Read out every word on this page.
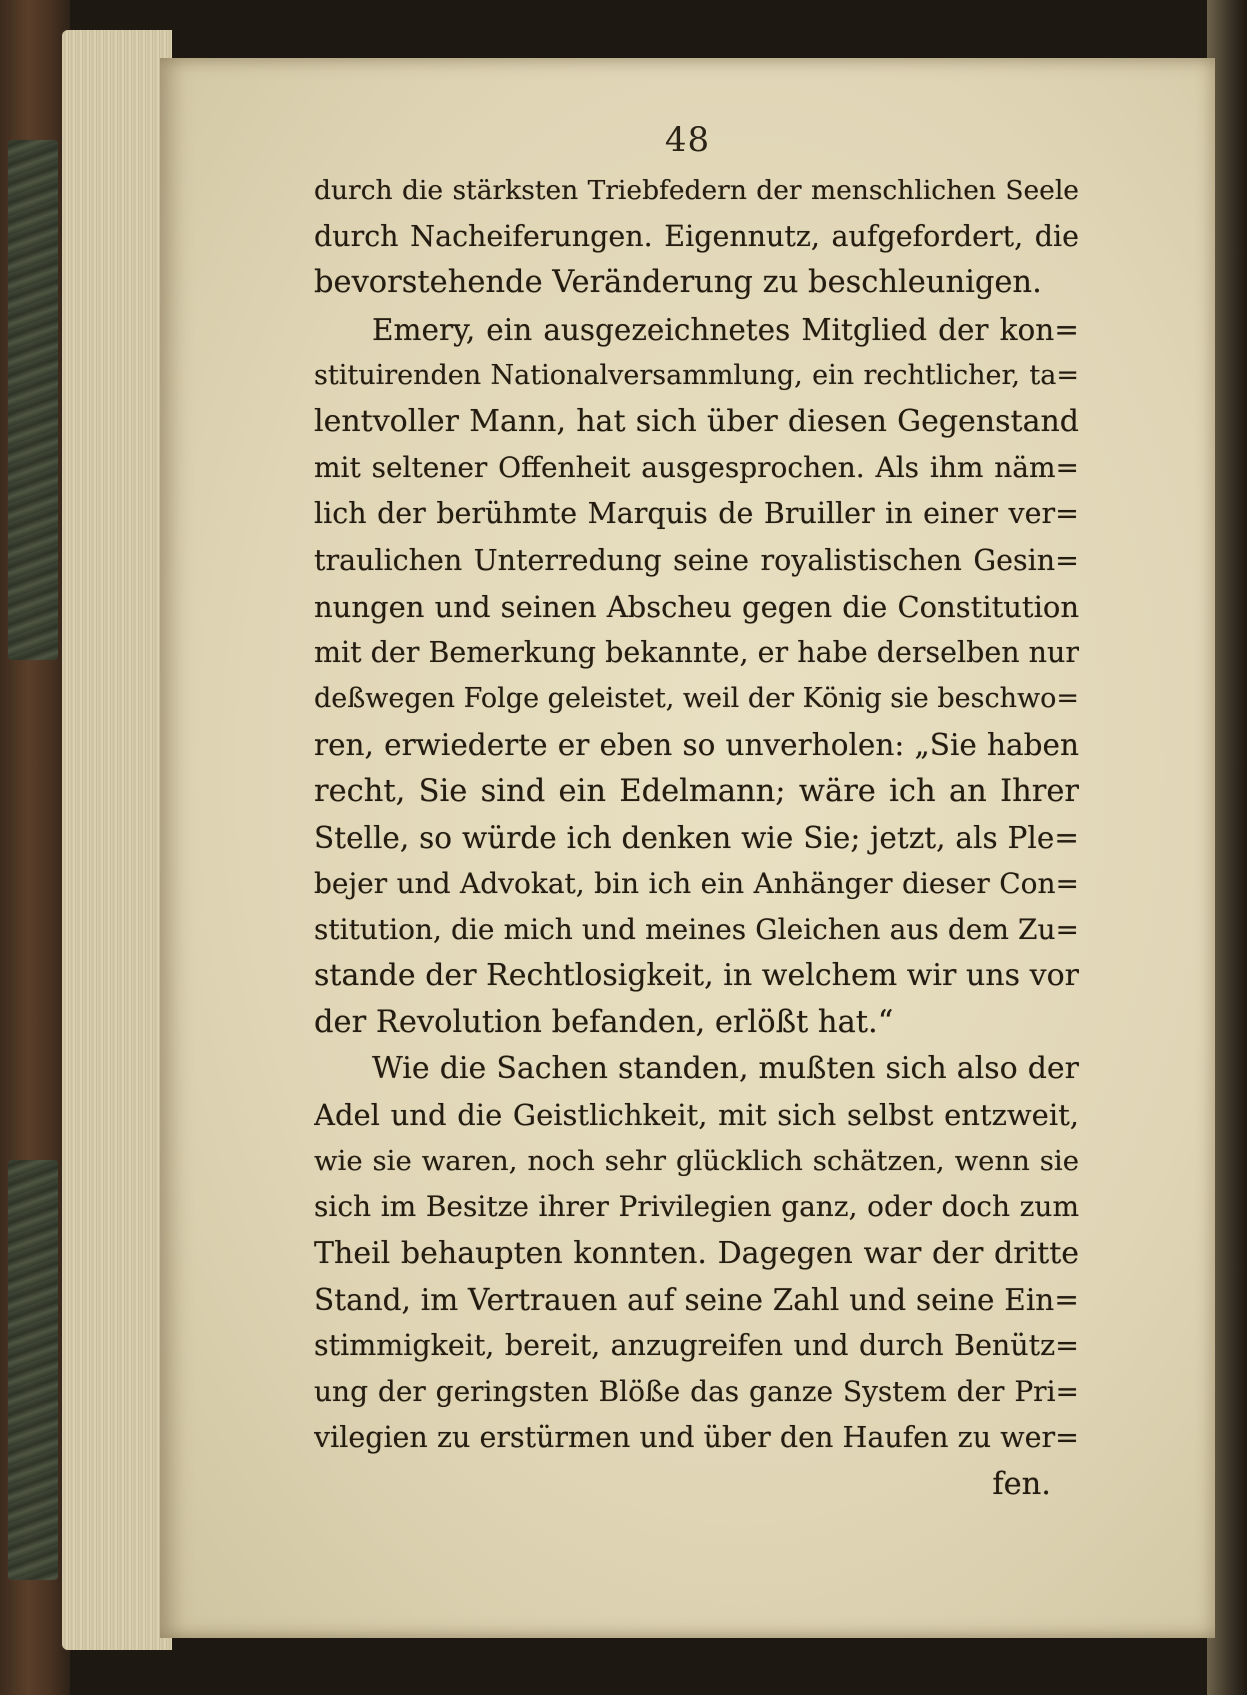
48
durch die stärksten Triebfedern der menschlichen Seele
durch Nacheiferungen. Eigennutz, aufgefordert, die
bevorstehende Veränderung zu beschleunigen.
Emery, ein ausgezeichnetes Mitglied der kon=
stituirenden Nationalversammlung, ein rechtlicher, ta=
lentvoller Mann, hat sich über diesen Gegenstand
mit seltener Offenheit ausgesprochen. Als ihm näm=
lich der berühmte Marquis de Bruiller in einer ver=
traulichen Unterredung seine royalistischen Gesin=
nungen und seinen Abscheu gegen die Constitution
mit der Bemerkung bekannte, er habe derselben nur
deßwegen Folge geleistet, weil der König sie beschwo=
ren, erwiederte er eben so unverholen: „Sie haben
recht, Sie sind ein Edelmann; wäre ich an Ihrer
Stelle, so würde ich denken wie Sie; jetzt, als Ple=
bejer und Advokat, bin ich ein Anhänger dieser Con=
stitution, die mich und meines Gleichen aus dem Zu=
stande der Rechtlosigkeit, in welchem wir uns vor
der Revolution befanden, erlößt hat.“
Wie die Sachen standen, mußten sich also der
Adel und die Geistlichkeit, mit sich selbst entzweit,
wie sie waren, noch sehr glücklich schätzen, wenn sie
sich im Besitze ihrer Privilegien ganz, oder doch zum
Theil behaupten konnten. Dagegen war der dritte
Stand, im Vertrauen auf seine Zahl und seine Ein=
stimmigkeit, bereit, anzugreifen und durch Benütz=
ung der geringsten Blöße das ganze System der Pri=
vilegien zu erstürmen und über den Haufen zu wer=
fen.
